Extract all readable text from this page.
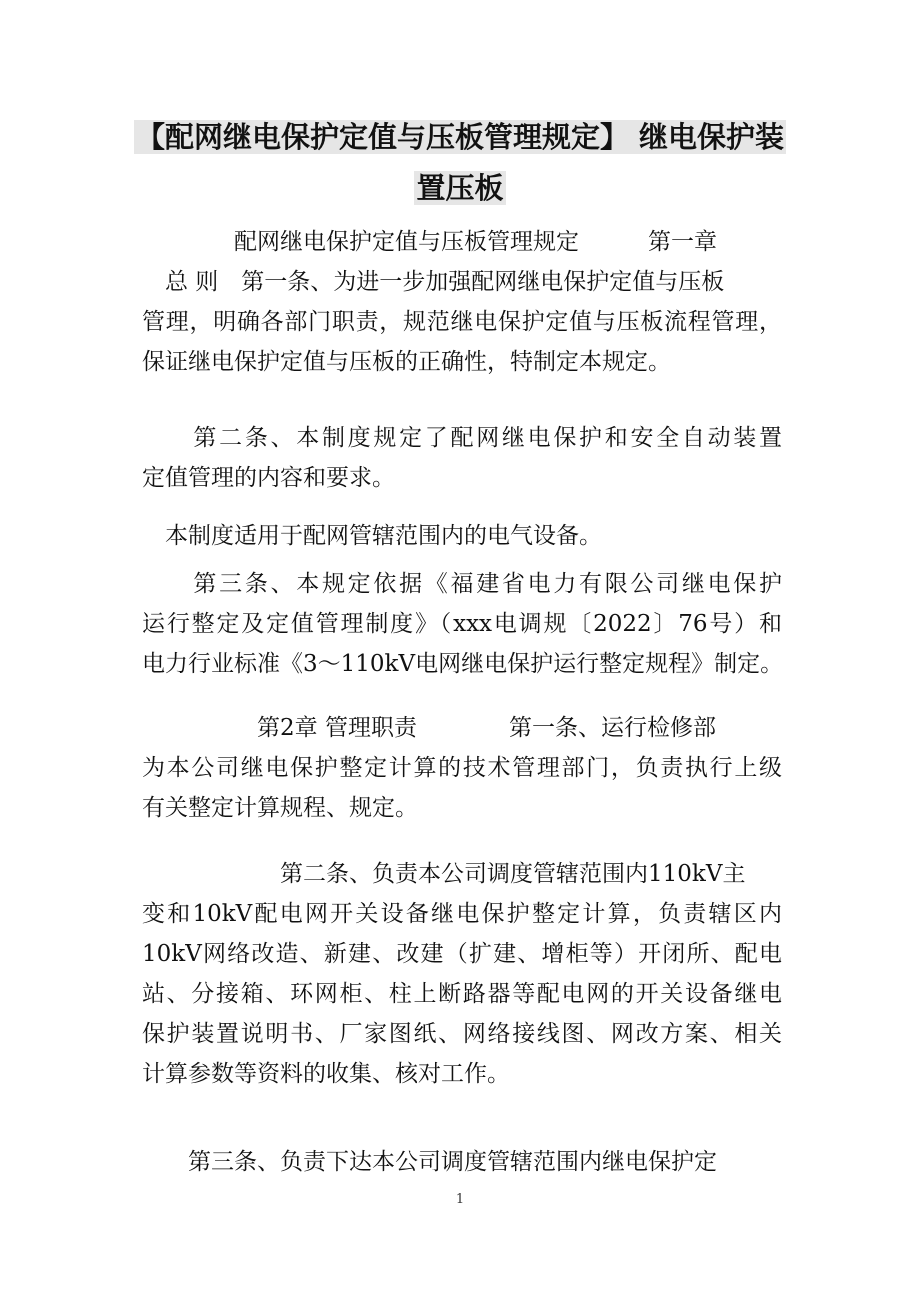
【配网继电保护定值与压板管理规定】 继电保护装
置压板
　　　　配网继电保护定值与压板管理规定　　　第一章
　总 则　第一条、为进一步加强配网继电保护定值与压板
管理，明确各部门职责，规范继电保护定值与压板流程管理，
保证继电保护定值与压板的正确性，特制定本规定。
　　第二条、本制度规定了配网继电保护和安全自动装置
定值管理的内容和要求。
　本制度适用于配网管辖范围内的电气设备。
　　第三条、本规定依据《福建省电力有限公司继电保护
运行整定及定值管理制度》（xxx电调规〔2022〕76号）和
电力行业标准《3～110kV电网继电保护运行整定规程》制定。
　　　　　第2章 管理职责　　　　第一条、运行检修部
为本公司继电保护整定计算的技术管理部门，负责执行上级
有关整定计算规程、规定。
　　　　　　第二条、负责本公司调度管辖范围内110kV主
变和10kV配电网开关设备继电保护整定计算，负责辖区内
10kV网络改造、新建、改建（扩建、增柜等）开闭所、配电
站、分接箱、环网柜、柱上断路器等配电网的开关设备继电
保护装置说明书、厂家图纸、网络接线图、网改方案、相关
计算参数等资料的收集、核对工作。
　　第三条、负责下达本公司调度管辖范围内继电保护定
1
